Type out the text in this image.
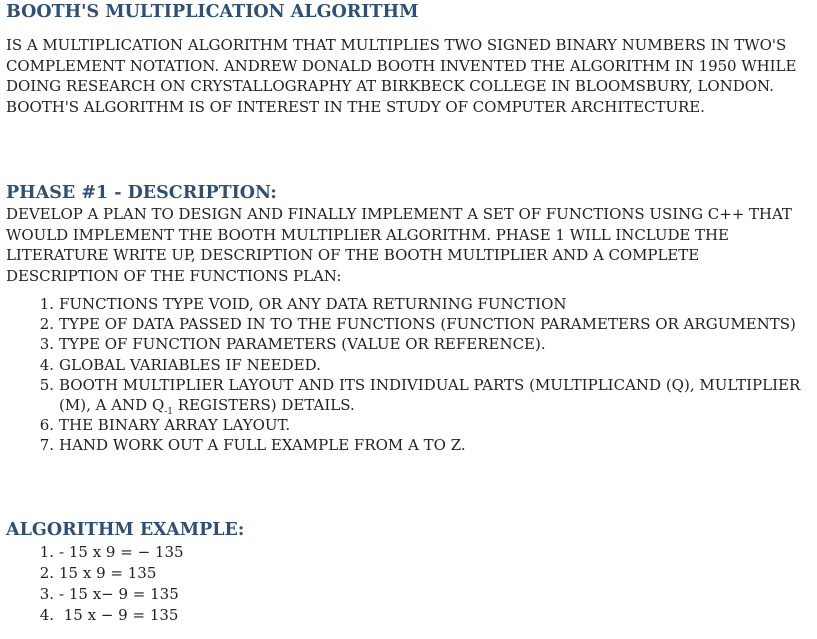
BOOTH'S MULTIPLICATION ALGORITHM

IS A MULTIPLICATION ALGORITHM THAT MULTIPLIES TWO SIGNED BINARY NUMBERS IN TWO'S COMPLEMENT NOTATION. ANDREW DONALD BOOTH INVENTED THE ALGORITHM IN 1950 WHILE DOING RESEARCH ON CRYSTALLOGRAPHY AT BIRKBECK COLLEGE IN BLOOMSBURY, LONDON. BOOTH'S ALGORITHM IS OF INTEREST IN THE STUDY OF COMPUTER ARCHITECTURE.

PHASE #1 - DESCRIPTION:

DEVELOP A PLAN TO DESIGN AND FINALLY IMPLEMENT A SET OF FUNCTIONS USING C++ THAT WOULD IMPLEMENT THE BOOTH MULTIPLIER ALGORITHM. PHASE 1 WILL INCLUDE THE LITERATURE WRITE UP, DESCRIPTION OF THE BOOTH MULTIPLIER AND A COMPLETE DESCRIPTION OF THE FUNCTIONS PLAN:

1. FUNCTIONS TYPE VOID, OR ANY DATA RETURNING FUNCTION
2. TYPE OF DATA PASSED IN TO THE FUNCTIONS (FUNCTION PARAMETERS OR ARGUMENTS)
3. TYPE OF FUNCTION PARAMETERS (VALUE OR REFERENCE).
4. GLOBAL VARIABLES IF NEEDED.
5. BOOTH MULTIPLIER LAYOUT AND ITS INDIVIDUAL PARTS (MULTIPLICAND (Q), MULTIPLIER (M), A AND $Q_{-1}$ REGISTERS) DETAILS.
6. THE BINARY ARRAY LAYOUT.
7. HAND WORK OUT A FULL EXAMPLE FROM A TO Z.
ALGORITHM EXAMPLE:
1. - 15 x 9 = − 135
2. 15 x 9 = 135
3. - 15 x− 9 = 135
4. 15 x − 9 = 135
